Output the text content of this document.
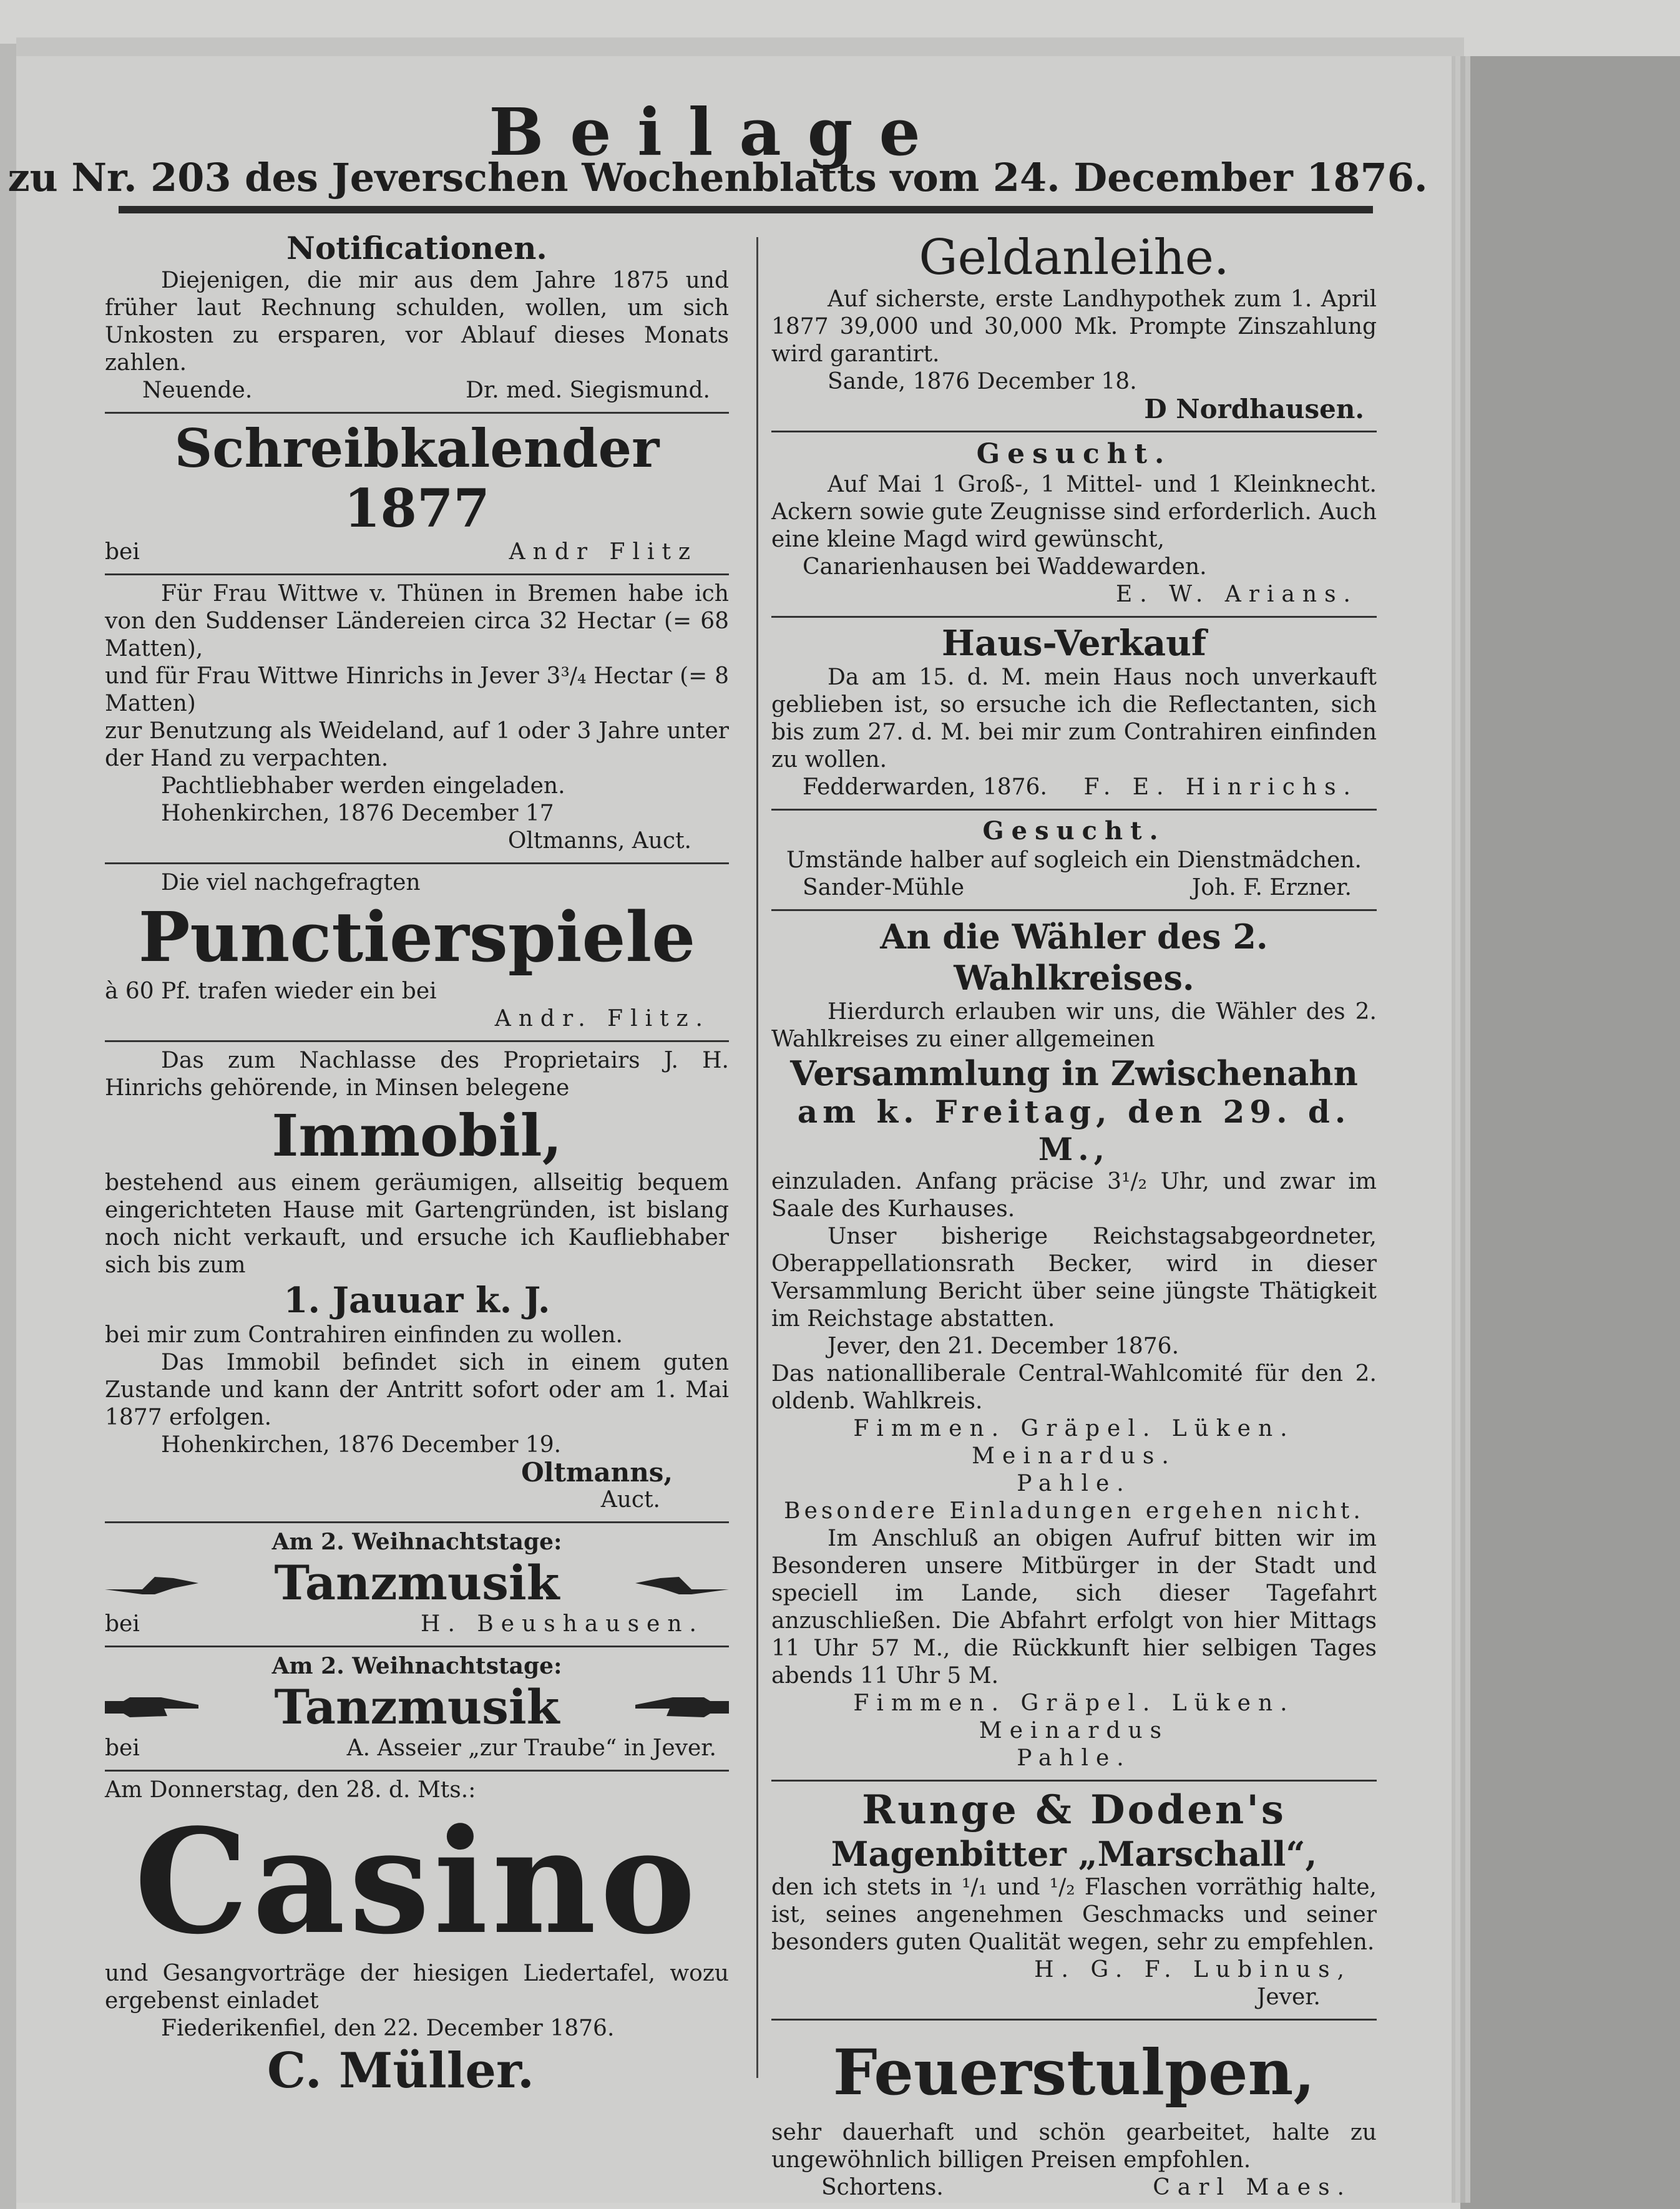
Beilage
zu Nr. 203 des Jeverschen Wochenblatts vom 24. December 1876.
Notificationen.

Diejenigen, die mir aus dem Jahre 1875 und früher laut Rechnung schulden, wollen, um sich Unkosten zu ersparen, vor Ablauf dieses Monats zahlen.

Neuende.	Dr. med. Siegismund.
Schreibkalender 1877
bei	Andr Flitz

Für Frau Wittwe v. Thünen in Bremen habe ich von den Suddenser Ländereien circa 32 Hectar (= 68 Matten),

und für Frau Wittwe Hinrichs in Jever 3³/₄ Hectar (= 8 Matten)

zur Benutzung als Weideland, auf 1 oder 3 Jahre unter der Hand zu verpachten.

Pachtliebhaber werden eingeladen.

Hohenkirchen, 1876 December 17

Oltmanns, Auct.

Die viel nachgefragten

Punctierspiele

à 60 Pf. trafen wieder ein bei

Andr. Flitz.

Das zum Nachlasse des Proprietairs J. H. Hinrichs gehörende, in Minsen belegene

Immobil,

bestehend aus einem geräumigen, allseitig bequem eingerichteten Hause mit Gartengründen, ist bislang noch nicht verkauft, und ersuche ich Kaufliebhaber sich bis zum

1. Jauuar k. J.

bei mir zum Contrahiren einfinden zu wollen.

Das Immobil befindet sich in einem guten Zustande und kann der Antritt sofort oder am 1. Mai 1877 erfolgen.

Hohenkirchen, 1876 December 19.

Oltmanns,

Auct.

Am 2. Weihnachtstage:

Tanzmusik
bei	H. Beushausen.

Am 2. Weihnachtstage:

Tanzmusik
bei	A. Asseier „zur Traube“ in Jever.

Am Donnerstag, den 28. d. Mts.:

Casino

und Gesangvorträge der hiesigen Liedertafel, wozu ergebenst einladet

Fiederikenfiel, den 22. December 1876.

C. Müller.
Geldanleihe.

Auf sicherste, erste Landhypothek zum 1. April 1877 39,000 und 30,000 Mk. Prompte Zinszahlung wird garantirt.

Sande, 1876 December 18.

D Nordhausen.

Gesucht.

Auf Mai 1 Groß-, 1 Mittel- und 1 Kleinknecht. Ackern sowie gute Zeugnisse sind erforderlich. Auch eine kleine Magd wird gewünscht,

Canarienhausen bei Waddewarden.

E. W. Arians.

Haus-Verkauf

Da am 15. d. M. mein Haus noch unverkauft geblieben ist, so ersuche ich die Reflectanten, sich bis zum 27. d. M. bei mir zum Contrahiren einfinden zu wollen.

Fedderwarden, 1876. F. E. Hinrichs.
Gesucht.

Umstände halber auf sogleich ein Dienstmädchen.

Sander-Mühle	Joh. F. Erzner.
An die Wähler des 2. Wahlkreises.

Hierdurch erlauben wir uns, die Wähler des 2. Wahlkreises zu einer allgemeinen

Versammlung in Zwischenahn
am k. Freitag, den 29. d. M.,

einzuladen. Anfang präcise 3¹/₂ Uhr, und zwar im Saale des Kurhauses.

Unser bisherige Reichstagsabgeordneter, Oberappellationsrath Becker, wird in dieser Versammlung Bericht über seine jüngste Thätigkeit im Reichstage abstatten.

Jever, den 21. December 1876.

Das nationalliberale Central-Wahlcomité für den 2. oldenb. Wahlkreis.

Fimmen. Gräpel. Lüken. Meinardus.

Pahle.

Besondere Einladungen ergehen nicht.

Im Anschluß an obigen Aufruf bitten wir im Besonderen unsere Mitbürger in der Stadt und speciell im Lande, sich dieser Tagefahrt anzuschließen. Die Abfahrt erfolgt von hier Mittags 11 Uhr 57 M., die Rückkunft hier selbigen Tages abends 11 Uhr 5 M.

Fimmen. Gräpel. Lüken. Meinardus

Pahle.

Runge & Doden's
Magenbitter „Marschall“,

den ich stets in ¹/₁ und ¹/₂ Flaschen vorräthig halte, ist, seines angenehmen Geschmacks und seiner besonders guten Qualität wegen, sehr zu empfehlen.

H. G. F. Lubinus,

Jever.

Feuerstulpen,

sehr dauerhaft und schön gearbeitet, halte zu ungewöhnlich billigen Preisen empfohlen.

Schortens.	Carl Maes.
